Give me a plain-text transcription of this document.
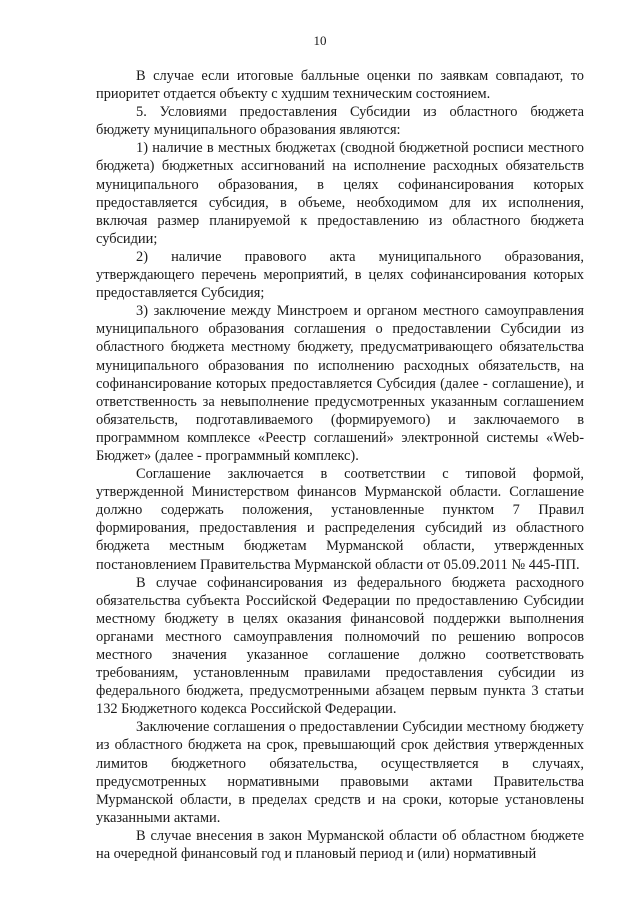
10

В случае если итоговые балльные оценки по заявкам совпадают, то приоритет отдается объекту с худшим техническим состоянием.

5. Условиями предоставления Субсидии из областного бюджета бюджету муниципального образования являются:

1) наличие в местных бюджетах (сводной бюджетной росписи местного бюджета) бюджетных ассигнований на исполнение расходных обязательств муниципального образования, в целях софинансирования которых предоставляется субсидия, в объеме, необходимом для их исполнения, включая размер планируемой к предоставлению из областного бюджета субсидии;

2) наличие правового акта муниципального образования, утверждающего перечень мероприятий, в целях софинансирования которых предоставляется Субсидия;

3) заключение между Минстроем и органом местного самоуправления муниципального образования соглашения о предоставлении Субсидии из областного бюджета местному бюджету, предусматривающего обязательства муниципального образования по исполнению расходных обязательств, на софинансирование которых предоставляется Субсидия (далее - соглашение), и ответственность за невыполнение предусмотренных указанным соглашением обязательств, подготавливаемого (формируемого) и заключаемого в программном комплексе «Реестр соглашений» электронной системы «Web-Бюджет» (далее - программный комплекс).

Соглашение заключается в соответствии с типовой формой, утвержденной Министерством финансов Мурманской области. Соглашение должно содержать положения, установленные пунктом 7 Правил формирования, предоставления и распределения субсидий из областного бюджета местным бюджетам Мурманской области, утвержденных постановлением Правительства Мурманской области от 05.09.2011 № 445-ПП.

В случае софинансирования из федерального бюджета расходного обязательства субъекта Российской Федерации по предоставлению Субсидии местному бюджету в целях оказания финансовой поддержки выполнения органами местного самоуправления полномочий по решению вопросов местного значения указанное соглашение должно соответствовать требованиям, установленным правилами предоставления субсидии из федерального бюджета, предусмотренными абзацем первым пункта 3 статьи 132 Бюджетного кодекса Российской Федерации.

Заключение соглашения о предоставлении Субсидии местному бюджету из областного бюджета на срок, превышающий срок действия утвержденных лимитов бюджетного обязательства, осуществляется в случаях, предусмотренных нормативными правовыми актами Правительства Мурманской области, в пределах средств и на сроки, которые установлены указанными актами.

В случае внесения в закон Мурманской области об областном бюджете на очередной финансовый год и плановый период и (или) нормативный
